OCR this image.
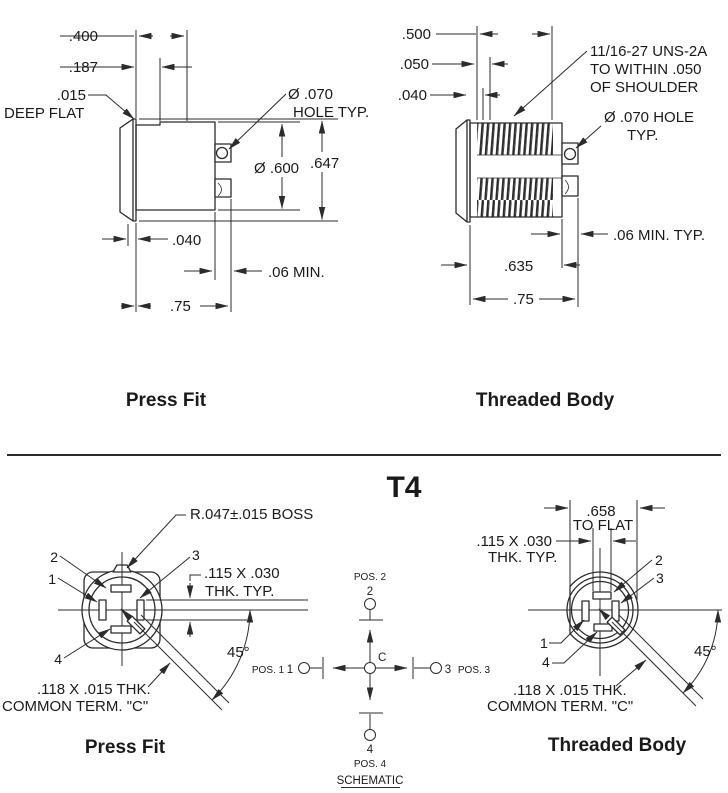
.400
.187
.015
DEEP FLAT
Ø .070
HOLE TYP.
Ø .600 .647
.040
.06 MIN.
.75
Press Fit
.500
.050
.040
11/16-27 UNS-2A
TO WITHIN .050
OF SHOULDER
Ø .070 HOLE
TYP.
.06 MIN. TYP.
.635
.75
Threaded Body
T4
R.047±.015 BOSS
2
1
3
4
.115 X .030
THK. TYP.
45°
.118 X .015 THK.
COMMON TERM. "C"
Press Fit
POS. 2
2
POS. 1 1
C
3 POS. 3
4
POS. 4
SCHEMATIC
.658
TO FLAT
.115 X .030
THK. TYP.	2
3
1
4
45°
.118 X .015 THK.
COMMON TERM. "C"
Threaded Body
